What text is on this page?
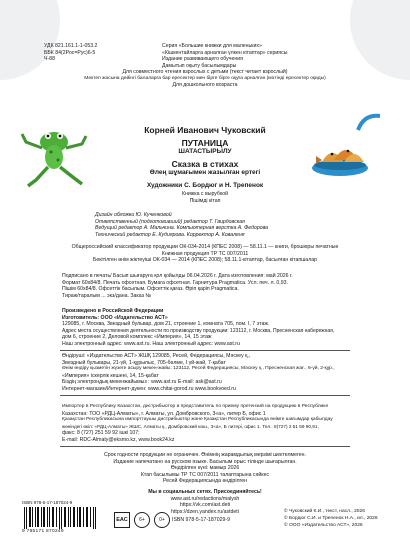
УДК 821.161.1-1-053.2
ББК 84(2Рос=Рус)6-5
Ч-88
Серия «Большие книжки для маленьких»
«Кішкентайларға арналған үлкен кітаптар» сериясы
Издание развивающего обучения
Дамытып оқыту басылымдары
Для совместного чтения взрослых с детьми (текст читает взрослый)
Мектеп жасына дейінгі балаларға бар ересектер мен бірге бірге оқуға арналған (мәтінді ересектер оқиды)
Для дошкольного возраста
Корней Иванович Чуковский
ПУТАНИЦА
ШАТАСТЫРЫЛУ
Сказка в стихах
Өлең шұмағымен жазылған ертегі
Художники С. Бордюг и Н. Трепенок
Книжка с вырубкой
Пішімді кітап
Дизайн обложки Ю. Кученковой
Ответственный (подготовивший) редактор Т. Гвирдовская
Ведущий редактор А. Мальчина. Компьютерная верстка А. Федорова
Технический редактор Е. Кудиярова. Корректор А. Коваленя
Общероссийский классификатор продукции ОК-034-2014 (КПЕС 2008) — 58.11.1 — книги, брошюры печатные
Книжная продукция ТР ТС 007/2011
Бекітілген өнім жіктеуіші ОК-034 — 2014 (КПЕС 2008); 58.11.1-кітаптар, басылған кітапшалар
Подписано в печать/ Басып шығаруға қол қойылды 06.04.2026 г. Дата изготовления: май 2026 г.
Формат 60х84/8. Печать офсетная. Бумага офсетная. Гарнитура Pragmatica. Усл. печ. л. 0,93.
Пішім 60х84/8. Офсеттік басылым. Офсеттік қағаз. Өріп қаріп Pragmatica.
Тираж/таралым ... экз/дана. Заказ №
Произведено в Российской Федерации
Изготовитель: ООО «Издательство АСТ»
129085, г. Москва, Звездный бульвар, дом 21, строение 1, комната 705, пом. I, 7 этаж.
Адрес места осуществления деятельности по производству продукции: 123112, г. Москва, Пресненская набережная,
дом 6, строение 2, Деловой комплекс «Империя», 14, 15 этаж
Наш электронный адрес: www.ast.ru. Наш электронный адрес: www.ast.ru
Өндіруші: «Издательство АСТ» ЖШҚ 129085, Ресей, Федерациясы, Мәскеу қ.,
Звездный бульвары, 21-үй, 1-құрылыс, 705-бөлме, I үй-жай, 7-қабат
Өнім өндіру қызметін жүзеге асыру мекен-жайы: 123112, Ресей Федерациясы, Мәскеу қ., Пресненская жағ., 6-үй, 2-құр.,
«Империя» іскерлік кешені, 14, 15-қабат
Біздің электрондық мекенжайымыз : www.ast.ru E-mail: ask@ast.ru
Интернет-магазин/Интернет-дүкен: www.chitai-gorod.ru www.bookvoed.ru
Импортер в Республику Казахстан, дистрибьютор и представитель по приему претензий на продукцию в Республике
Казахстан: ТОО «РДЦ-Алматы», г. Алматы, ул. Домбровского, 3«а», литер Б, офис 1
Қазақстан Республикасына импорттаушы дистрибьютор және Қазақстан Республикасында өнімге шағымдар қабылдау
жөніндегі өкіл: «РДЦ-Алматы» ЖШС, Алматы қ., Домбровский көш., 3«а», Б литері, офис 1. Тел.: 8(727) 2 51 59 90,91,
факс: 8 (727) 251 59 92 ішкі 107;
E-mail: RDC-Almaty@eksmo.kz, www.book24.kz
Срок годности продукции не ограничен. Өнімнің жарамдылық мерзімі шектелмеген.
Издание напечатано на русском языке. Басылым орыс тілінде шығарылған.
Өндірілген күні: мамыр 2026
Ктап басылымы ТР ТС 007/2011 талаптарына сәйкес
Ресей Федерациясында өндірілген
Мы в социальных сетях. Присоединяйтесь!
www.ast.ru/redactions/malysh
https://vk.com/ast.deti
https://dzen.yandex.ru/astdeti
ISBN 978-5-17-187024-9
9 785171 870249
ЕАС	6+	0+	ISBN 978-5-17-187029-9
© Чуковский К.И., текст, насл., 2026
© Бордюг С.И. и Трепенок Н.А., ил., 2026
© ООО «Издательство АСТ», 2026
